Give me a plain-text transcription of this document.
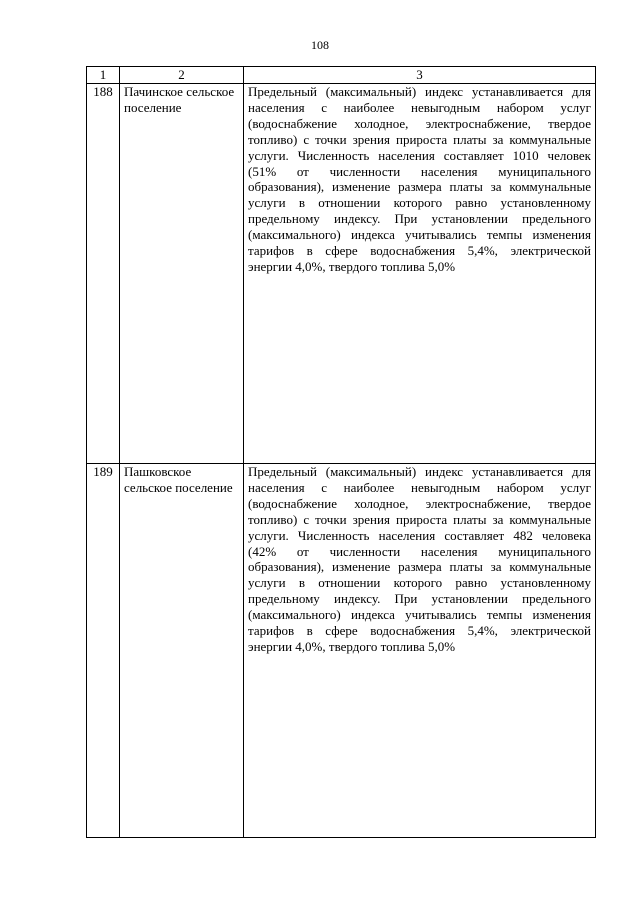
108
1	2	3
188	Пачинское сельское поселение	Предельный (максимальный) индекс устанавливается для населения с наиболее невыгодным набором услуг (водоснабжение холодное, электроснабжение, твердое топливо) с точки зрения прироста платы за коммунальные услуги. Численность населения составляет 1010 человек (51% от численности населения муниципального образования), изменение размера платы за коммунальные услуги в отношении которого равно установленному предельному индексу. При установлении предельного (максимального) индекса учитывались темпы изменения тарифов в сфере водоснабжения 5,4%, электрической энергии 4,0%, твердого топлива 5,0%
189	Пашковское сельское поселение	Предельный (максимальный) индекс устанавливается для населения с наиболее невыгодным набором услуг (водоснабжение холодное, электроснабжение, твердое топливо) с точки зрения прироста платы за коммунальные услуги. Численность населения составляет 482 человека (42% от численности населения муниципального образования), изменение размера платы за коммунальные услуги в отношении которого равно установленному предельному индексу. При установлении предельного (максимального) индекса учитывались темпы изменения тарифов в сфере водоснабжения 5,4%, электрической энергии 4,0%, твердого топлива 5,0%
